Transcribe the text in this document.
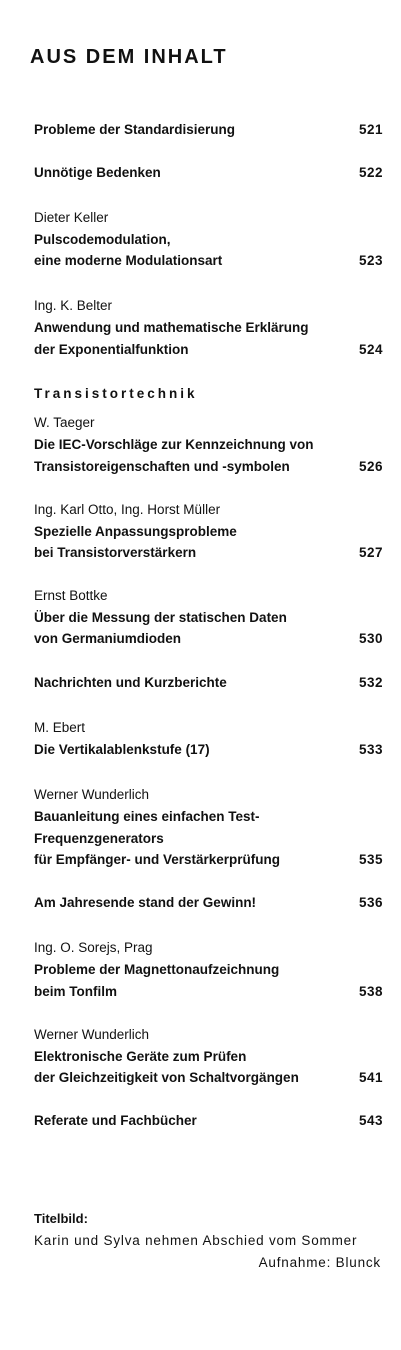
AUS DEM INHALT
Probleme der Standardisierung	521
Unnötige Bedenken	522
Dieter Keller
Pulscodemodulation,
eine moderne Modulationsart	523
Ing. K. Belter
Anwendung und mathematische Erklärung
der Exponentialfunktion	524
Transistortechnik
W. Taeger
Die IEC-Vorschläge zur Kennzeichnung von
Transistoreigenschaften und -symbolen	526
Ing. Karl Otto, Ing. Horst Müller
Spezielle Anpassungsprobleme
bei Transistorverstärkern	527
Ernst Bottke
Über die Messung der statischen Daten
von Germaniumdioden	530
Nachrichten und Kurzberichte	532
M. Ebert
Die Vertikalablenkstufe (17)	533
Werner Wunderlich
Bauanleitung eines einfachen Test-
Frequenzgenerators
für Empfänger- und Verstärkerprüfung	535
Am Jahresende stand der Gewinn!	536
Ing. O. Sorejs, Prag
Probleme der Magnettonaufzeichnung
beim Tonfilm	538
Werner Wunderlich
Elektronische Geräte zum Prüfen
der Gleichzeitigkeit von Schaltvorgängen	541
Referate und Fachbücher	543
Titelbild:
Karin und Sylva nehmen Abschied vom Sommer
Aufnahme: Blunck
